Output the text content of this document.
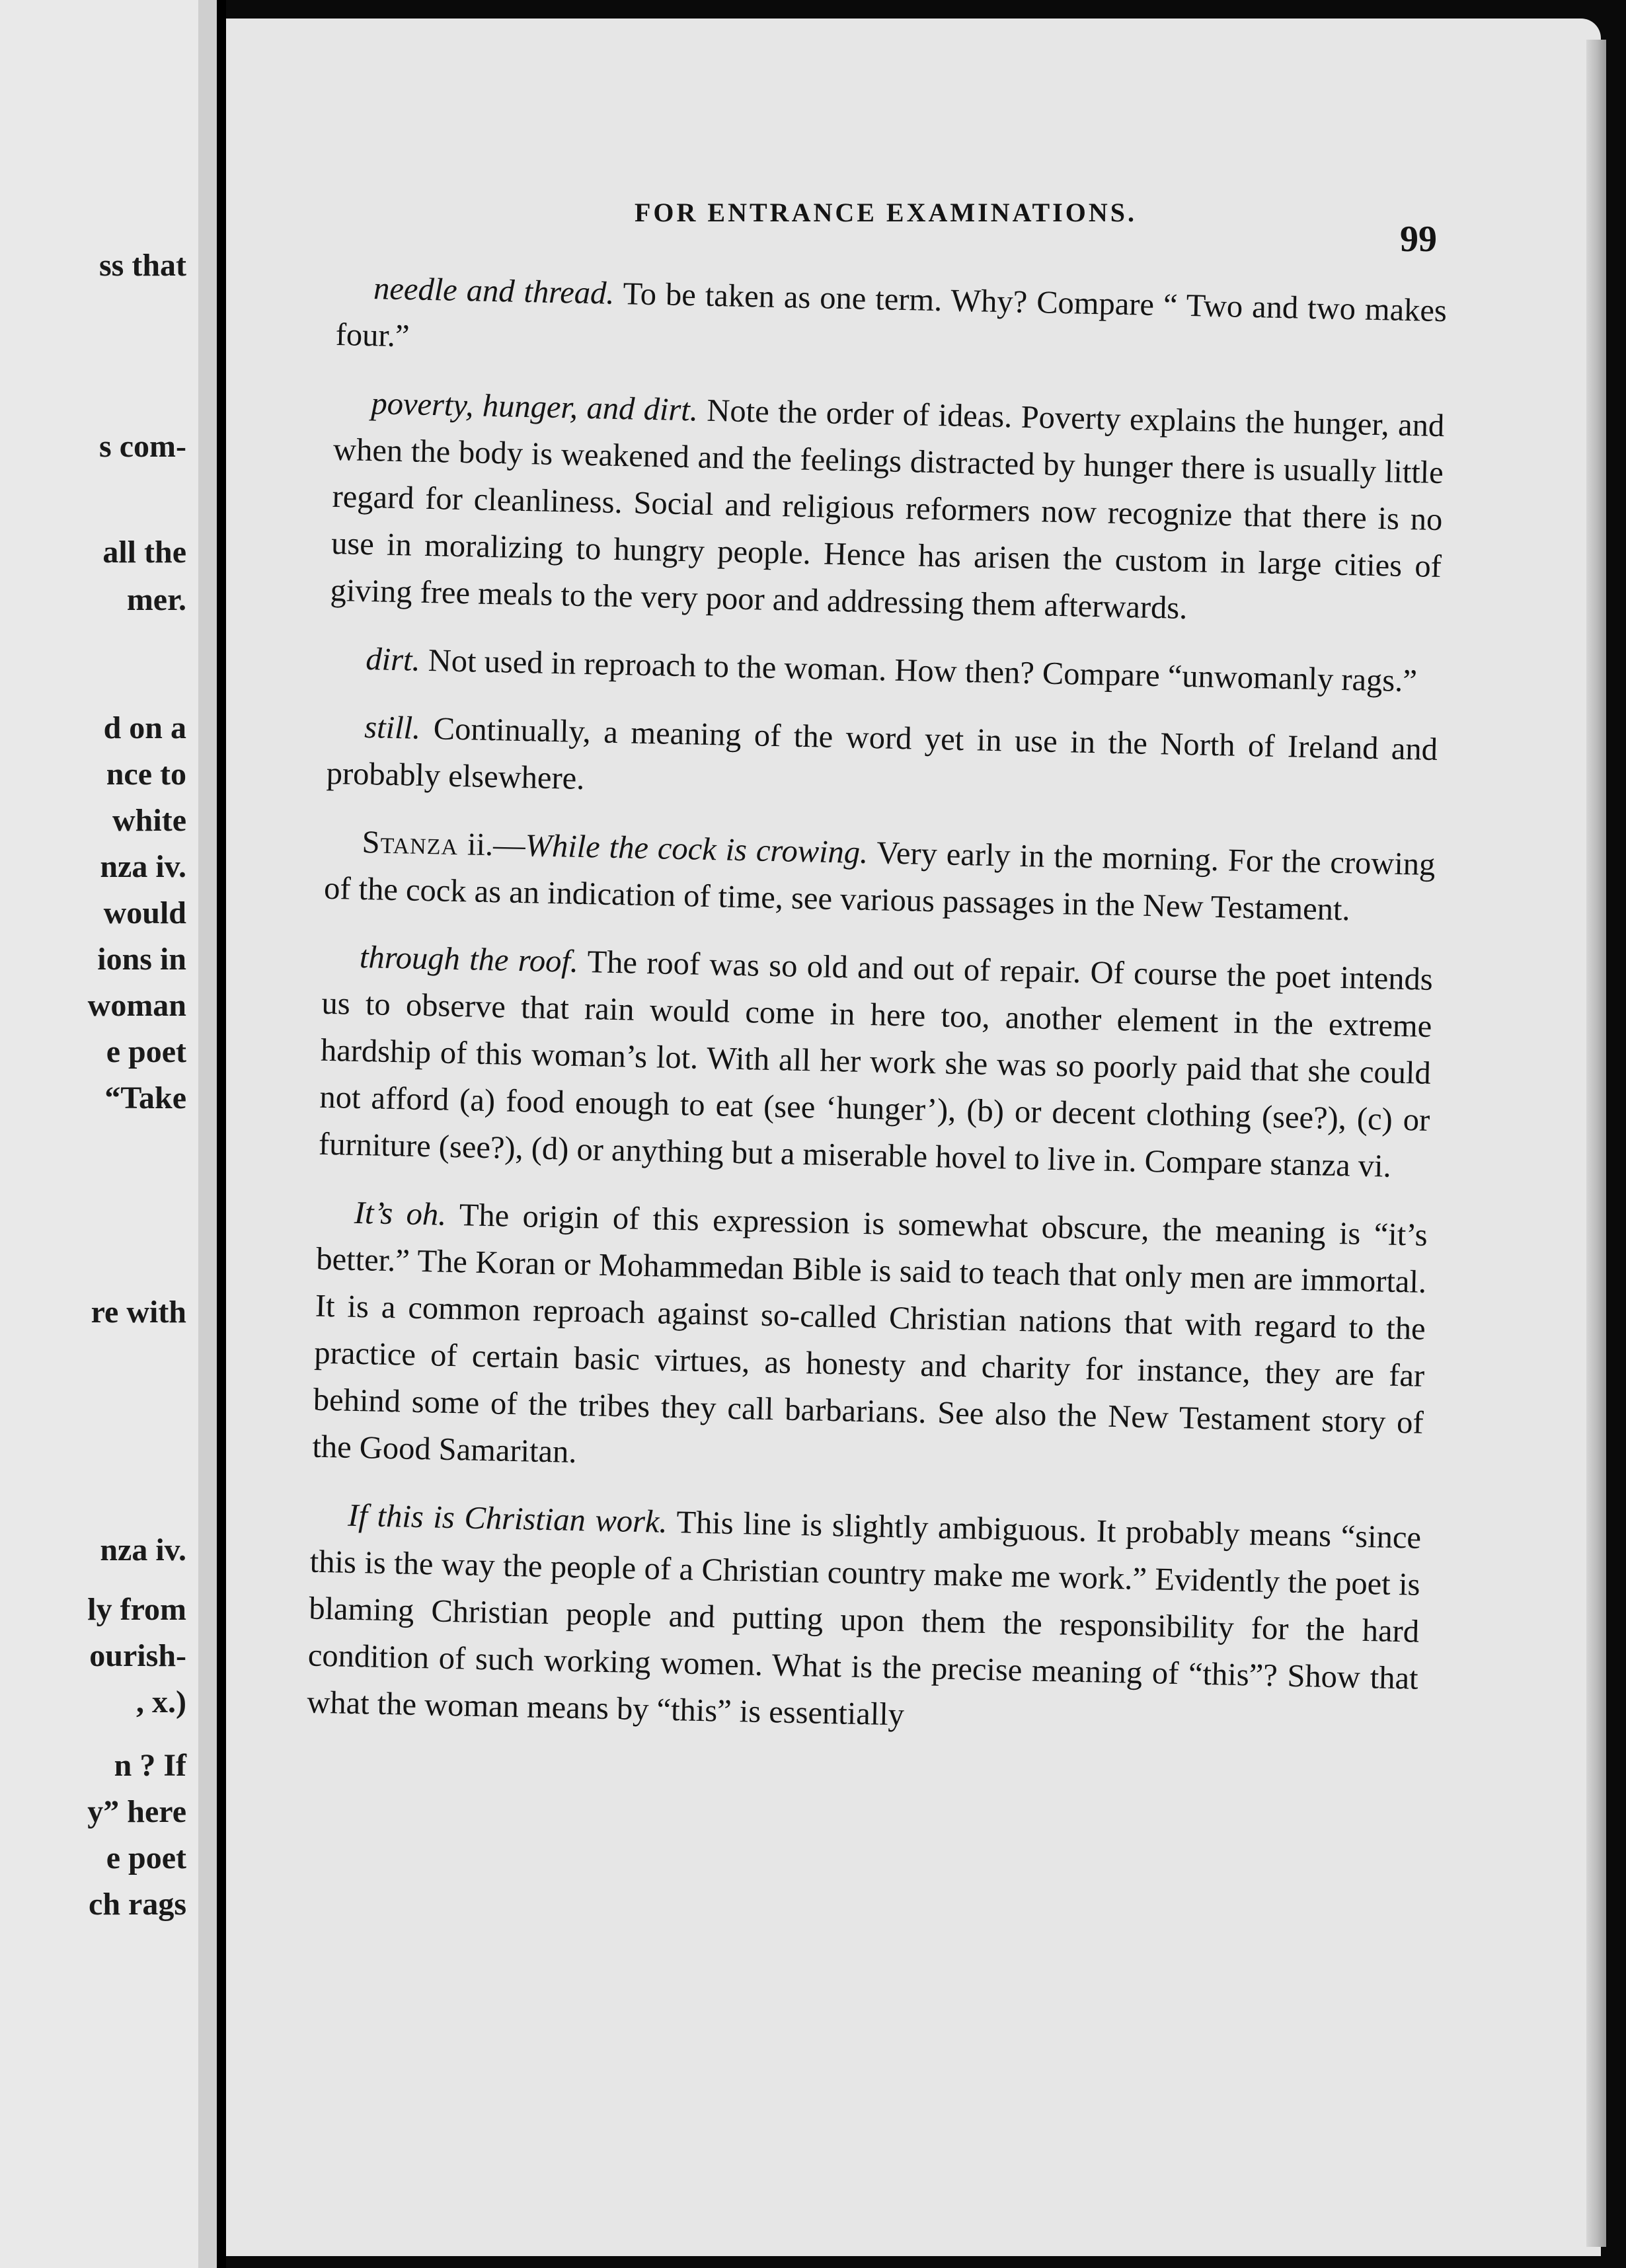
ss that
s com-
all the
mer.
d on a
nce to
white
nza iv.
would
ions in
woman
e poet
“Take
re with
nza iv.
ly from
ourish-
, x.)
n ? If
y” here
e poet
ch rags
FOR ENTRANCE EXAMINATIONS.
99

needle and thread. To be taken as one term. Why? Compare “ Two and two makes four.”

poverty, hunger, and dirt. Note the order of ideas. Poverty explains the hunger, and when the body is weakened and the feelings distracted by hunger there is usually little regard for cleanliness. Social and religious reformers now recognize that there is no use in moralizing to hungry people. Hence has arisen the custom in large cities of giving free meals to the very poor and addressing them afterwards.

dirt. Not used in reproach to the woman. How then? Compare “unwomanly rags.”

still. Continually, a meaning of the word yet in use in the North of Ireland and probably elsewhere.

Stanza ii.—While the cock is crowing. Very early in the morning. For the crowing of the cock as an indication of time, see various passages in the New Testament.

through the roof. The roof was so old and out of repair. Of course the poet intends us to observe that rain would come in here too, another element in the extreme hardship of this woman’s lot. With all her work she was so poorly paid that she could not afford (a) food enough to eat (see ‘hunger’), (b) or decent clothing (see?), (c) or furniture (see?), (d) or anything but a miserable hovel to live in. Compare stanza vi.

It’s oh. The origin of this expression is somewhat obscure, the meaning is “it’s better.” The Koran or Mohammedan Bible is said to teach that only men are immortal. It is a common reproach against so-called Christian nations that with regard to the practice of certain basic virtues, as honesty and charity for instance, they are far behind some of the tribes they call barbarians. See also the New Testament story of the Good Samaritan.

If this is Christian work. This line is slightly ambiguous. It probably means “since this is the way the people of a Christian country make me work.” Evidently the poet is blaming Christian people and putting upon them the responsibility for the hard condition of such working women. What is the precise meaning of “this”? Show that what the woman means by “this” is essentially
